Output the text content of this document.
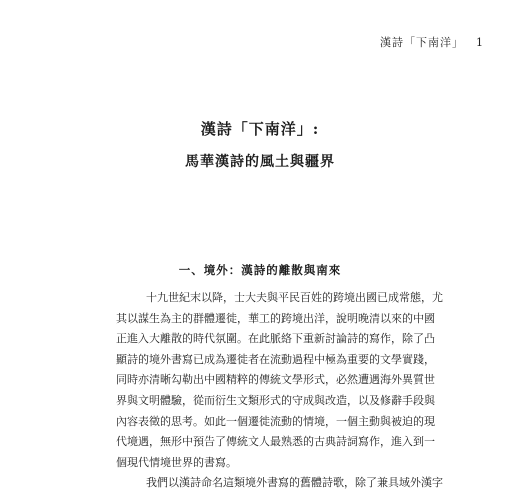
漢詩「下南洋」 1
漢詩「下南洋」:
馬華漢詩的風土與疆界
一、境外：漢詩的離散與南來
十九世紀末以降，士大夫與平民百姓的跨境出國已成常態，尤
其以謀生為主的群體遷徙，華工的跨境出洋，說明晚清以來的中國
正進入大離散的時代氛圍。在此脈絡下重新討論詩的寫作，除了凸
顯詩的境外書寫已成為遷徙者在流動過程中極為重要的文學實踐，
同時亦清晰勾勒出中國精粹的傳統文學形式，必然遭遇海外異質世
界與文明體驗，從而衍生文類形式的守成與改造，以及修辭手段與
內容表徵的思考。如此一個遷徙流動的情境，一個主動與被迫的現
代境遇，無形中預告了傳統文人最熟悉的古典詩詞寫作，進入到一
個現代情境世界的書寫。
我們以漢詩命名這類境外書寫的舊體詩歌，除了兼具域外漢字
